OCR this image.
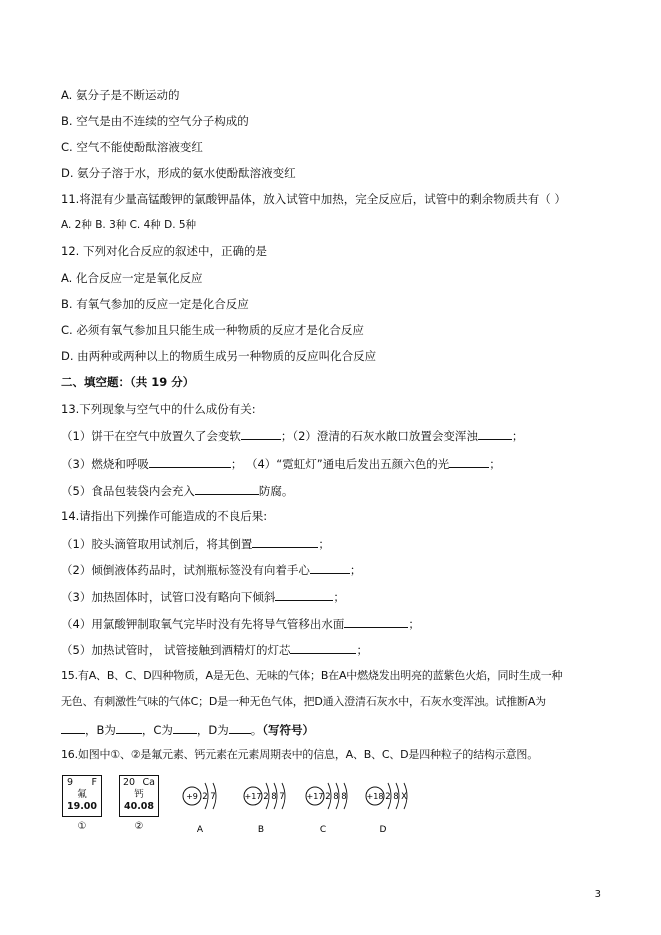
A. 氨分子是不断运动的
B. 空气是由不连续的空气分子构成的
C. 空气不能使酚酞溶液变红
D. 氨分子溶于水，形成的氨水使酚酞溶液变红
11.将混有少量高锰酸钾的氯酸钾晶体，放入试管中加热，完全反应后，试管中的剩余物质共有（ ）
A. 2种 B. 3种 C. 4种 D. 5种
12. 下列对化合反应的叙述中，正确的是
A. 化合反应一定是氧化反应
B. 有氧气参加的反应一定是化合反应
C. 必须有氧气参加且只能生成一种物质的反应才是化合反应
D. 由两种或两种以上的物质生成另一种物质的反应叫化合反应
二、填空题：（共 19 分）
13.下列现象与空气中的什么成份有关:
（1）饼干在空气中放置久了会变软	；（2）澄清的石灰水敞口放置会变浑浊	；
（3）燃烧和呼吸	； （4）“霓虹灯”通电后发出五颜六色的光	；
（5）食品包装袋内会充入	防腐。
14.请指出下列操作可能造成的不良后果:
（1）胶头滴管取用试剂后，将其倒置	；
（2）倾倒液体药品时，试剂瓶标签没有向着手心	；
（3）加热固体时，试管口没有略向下倾斜	；
（4）用氯酸钾制取氧气完毕时没有先将导气管移出水面	；
（5）加热试管时， 试管接触到酒精灯的灯芯	；
15.有A、B、C、D四种物质，A是无色、无味的气体；B在A中燃烧发出明亮的蓝紫色火焰，同时生成一种
无色、有刺激性气味的气体C；D是一种无色气体，把D通入澄清石灰水中，石灰水变浑浊。试推断A为
，B为 ，C为 ，D为 。（写符号）
16.如图中①、②是氟元素、钙元素在元素周期表中的信息，A、B、C、D是四种粒子的结构示意图。
9 F
氟
19.00
①
20 Ca
钙
40.08
②
+9 2 7
A
+17 2 8 7
B
+17 2 8 8
C
+18 2 8 X
D
3
